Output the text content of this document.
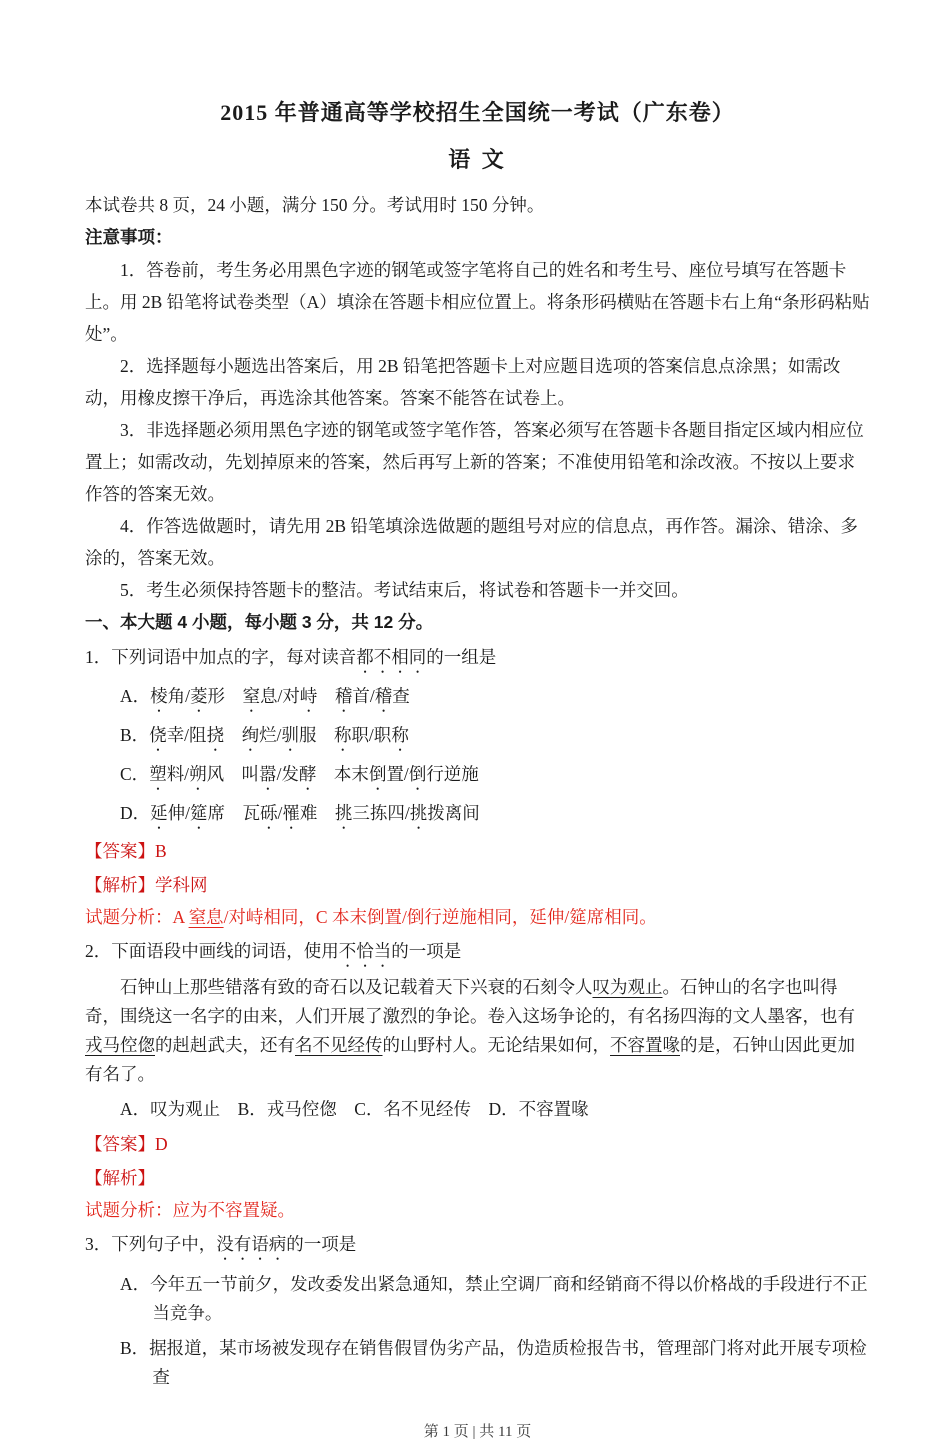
2015 年普通高等学校招生全国统一考试（广东卷）
语 文

本试卷共 8 页，24 小题，满分 150 分。考试用时 150 分钟。

注意事项：

1．答卷前，考生务必用黑色字迹的钢笔或签字笔将自己的姓名和考生号、座位号填写在答题卡上。用 2B 铅笔将试卷类型（A）填涂在答题卡相应位置上。将条形码横贴在答题卡右上角“条形码粘贴处”。

2．选择题每小题选出答案后，用 2B 铅笔把答题卡上对应题目选项的答案信息点涂黑；如需改动，用橡皮擦干净后，再选涂其他答案。答案不能答在试卷上。

3．非选择题必须用黑色字迹的钢笔或签字笔作答，答案必须写在答题卡各题目指定区域内相应位置上；如需改动，先划掉原来的答案，然后再写上新的答案；不准使用铅笔和涂改液。不按以上要求作答的答案无效。

4．作答选做题时，请先用 2B 铅笔填涂选做题的题组号对应的信息点，再作答。漏涂、错涂、多涂的，答案无效。

5．考生必须保持答题卡的整洁。考试结束后，将试卷和答题卡一并交回。

一、本大题 4 小题，每小题 3 分，共 12 分。

1．下列词语中加点的字，每对读音都不相同的一组是

A．棱角/菱形　窒息/对峙　 稽首/稽查

B．侥幸/阻挠　 绚烂/驯服　称职/职称

C．塑料/朔风　叫嚣/发酵　本末倒置/倒行逆施

D．延伸/筵席　瓦砾/罹难　挑三拣四/挑拨离间

【答案】B

【解析】学科网

试题分析：A 窒息/对峙相同，C 本末倒置/倒行逆施相同，延伸/筵席相同。

2．下面语段中画线的词语，使用不恰当的一项是

石钟山上那些错落有致的奇石以及记载着天下兴衰的石刻令人叹为观止。石钟山的名字也叫得奇，围绕这一名字的由来，人们开展了激烈的争论。卷入这场争论的，有名扬四海的文人墨客，也有戎马倥偬的赳赳武夫，还有名不见经传的山野村人。无论结果如何，不容置喙的是，石钟山因此更加有名了。

A．叹为观止　B．戎马倥偬　C．名不见经传　D．不容置喙

【答案】D

【解析】

试题分析：应为不容置疑。

3．下列句子中，没有语病的一项是

A．今年五一节前夕，发改委发出紧急通知，禁止空调厂商和经销商不得以价格战的手段进行不正当竞争。

B．据报道，某市场被发现存在销售假冒伪劣产品，伪造质检报告书，管理部门将对此开展专项检查

第 1 页 | 共 11 页
